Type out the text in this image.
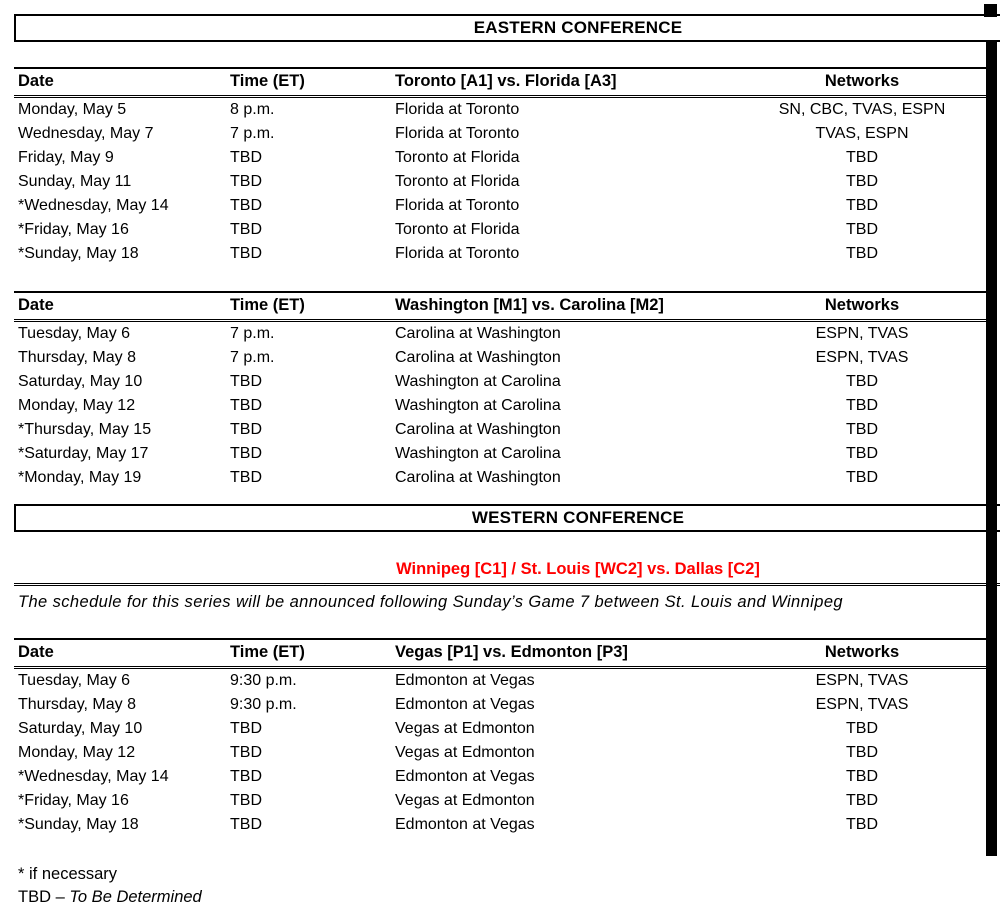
EASTERN CONFERENCE
Date	Time (ET)	Toronto [A1] vs. Florida [A3]	Networks
Monday, May 5	8 p.m.	Florida at Toronto	SN, CBC, TVAS, ESPN
Wednesday, May 7	7 p.m.	Florida at Toronto	TVAS, ESPN
Friday, May 9	TBD	Toronto at Florida	TBD
Sunday, May 11	TBD	Toronto at Florida	TBD
*Wednesday, May 14	TBD	Florida at Toronto	TBD
*Friday, May 16	TBD	Toronto at Florida	TBD
*Sunday, May 18	TBD	Florida at Toronto	TBD
Date	Time (ET)	Washington [M1] vs. Carolina [M2]	Networks
Tuesday, May 6	7 p.m.	Carolina at Washington	ESPN, TVAS
Thursday, May 8	7 p.m.	Carolina at Washington	ESPN, TVAS
Saturday, May 10	TBD	Washington at Carolina	TBD
Monday, May 12	TBD	Washington at Carolina	TBD
*Thursday, May 15	TBD	Carolina at Washington	TBD
*Saturday, May 17	TBD	Washington at Carolina	TBD
*Monday, May 19	TBD	Carolina at Washington	TBD
WESTERN CONFERENCE
Winnipeg [C1] / St. Louis [WC2] vs. Dallas [C2]
The schedule for this series will be announced following Sunday’s Game 7 between St. Louis and Winnipeg
Date	Time (ET)	Vegas [P1] vs. Edmonton [P3]	Networks
Tuesday, May 6	9:30 p.m.	Edmonton at Vegas	ESPN, TVAS
Thursday, May 8	9:30 p.m.	Edmonton at Vegas	ESPN, TVAS
Saturday, May 10	TBD	Vegas at Edmonton	TBD
Monday, May 12	TBD	Vegas at Edmonton	TBD
*Wednesday, May 14	TBD	Edmonton at Vegas	TBD
*Friday, May 16	TBD	Vegas at Edmonton	TBD
*Sunday, May 18	TBD	Edmonton at Vegas	TBD
* if necessary
TBD – To Be Determined
